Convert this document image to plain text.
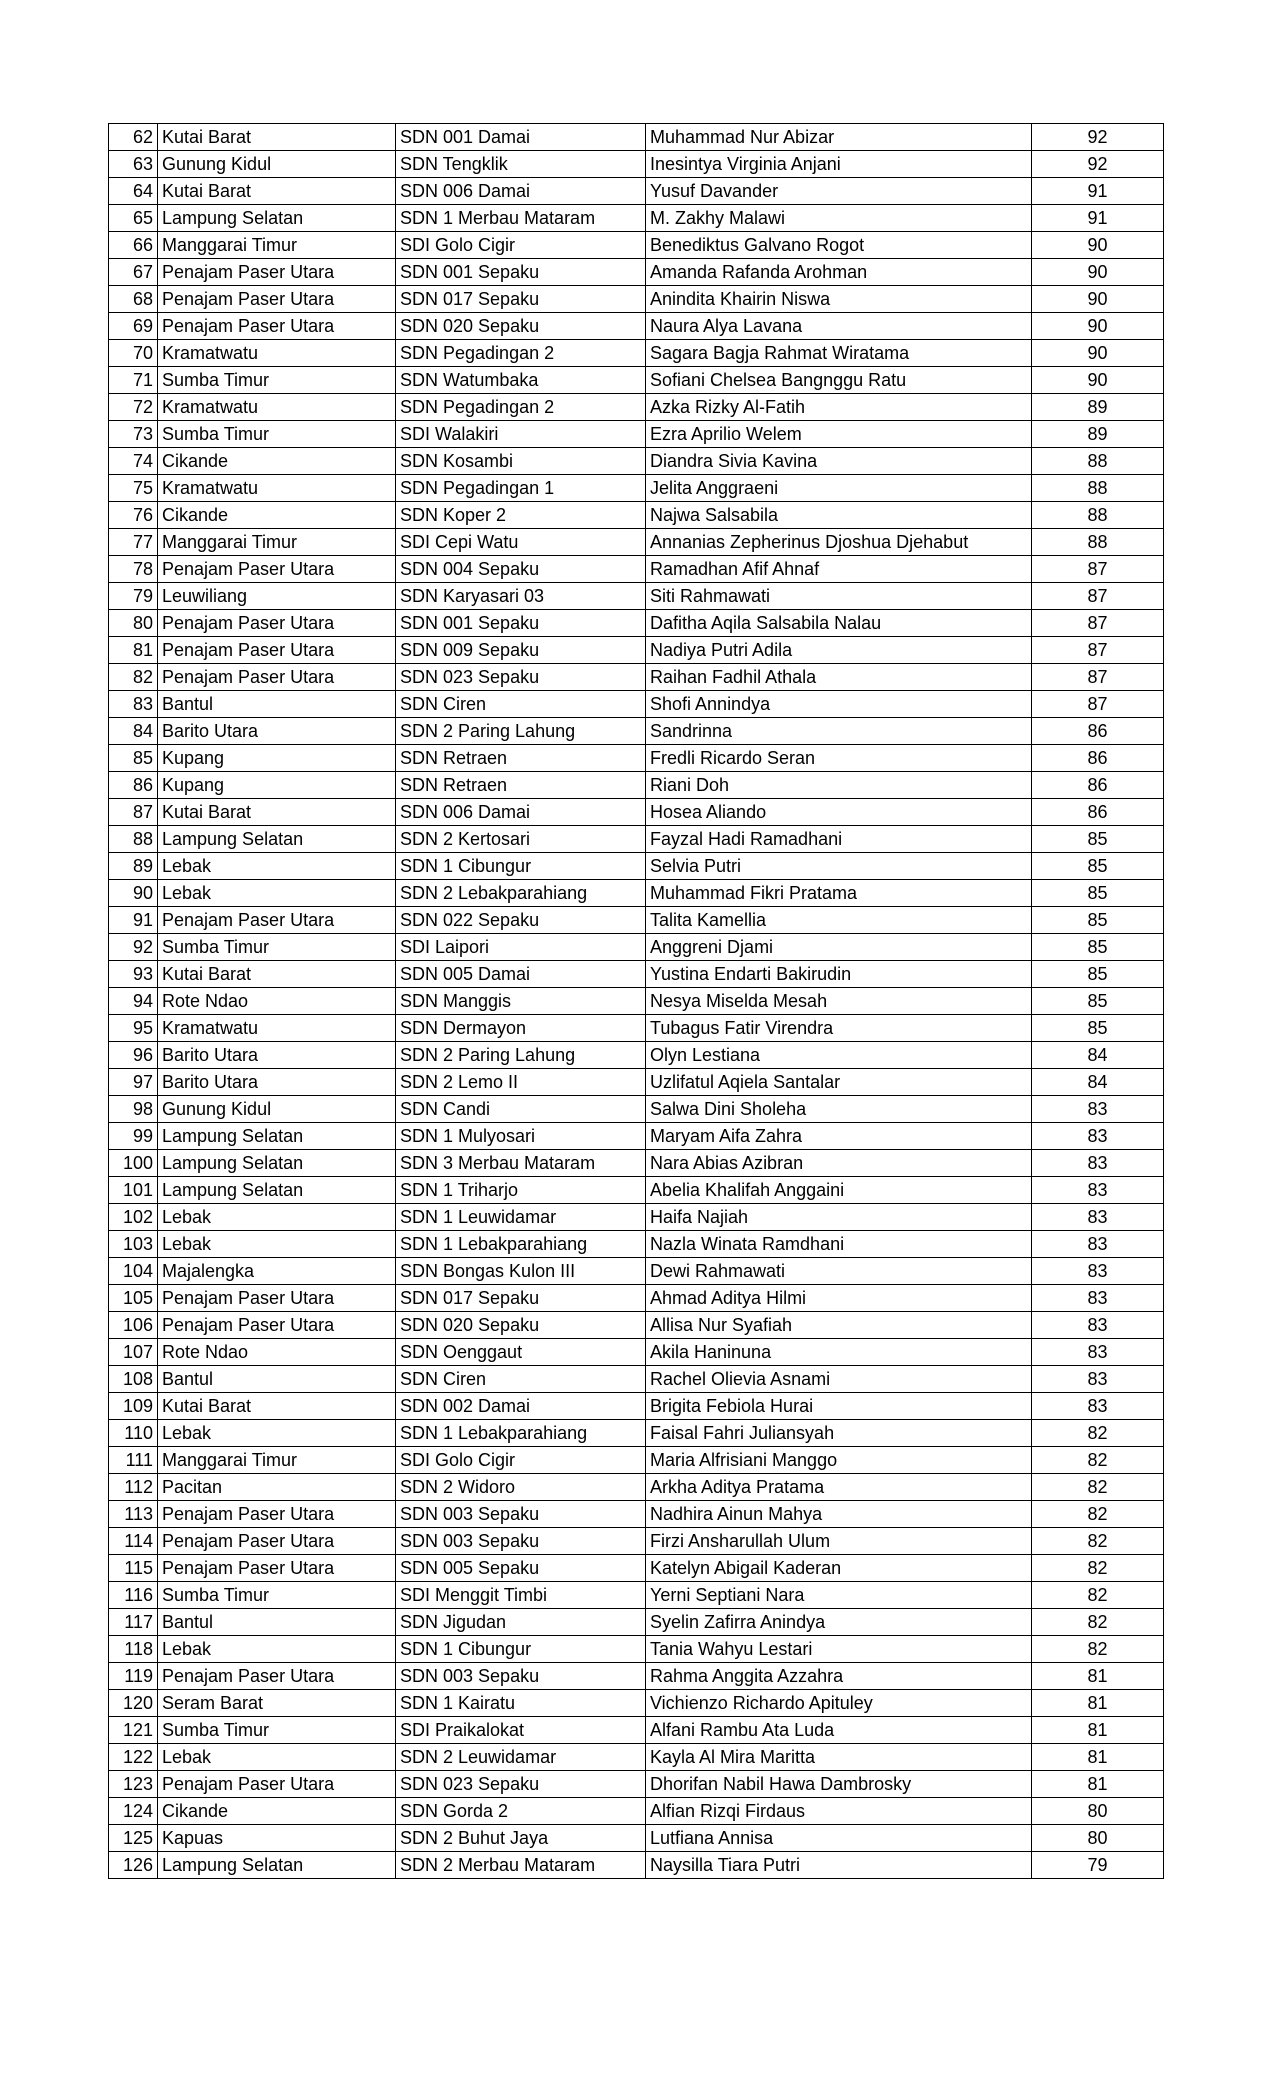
62	Kutai Barat	SDN 001 Damai	Muhammad Nur Abizar	92
63	Gunung Kidul	SDN Tengklik	Inesintya Virginia Anjani	92
64	Kutai Barat	SDN 006 Damai	Yusuf Davander	91
65	Lampung Selatan	SDN 1 Merbau Mataram	M. Zakhy Malawi	91
66	Manggarai Timur	SDI Golo Cigir	Benediktus Galvano Rogot	90
67	Penajam Paser Utara	SDN 001 Sepaku	Amanda Rafanda Arohman	90
68	Penajam Paser Utara	SDN 017 Sepaku	Anindita Khairin Niswa	90
69	Penajam Paser Utara	SDN 020 Sepaku	Naura Alya Lavana	90
70	Kramatwatu	SDN Pegadingan 2	Sagara Bagja Rahmat Wiratama	90
71	Sumba Timur	SDN Watumbaka	Sofiani Chelsea Bangnggu Ratu	90
72	Kramatwatu	SDN Pegadingan 2	Azka Rizky Al-Fatih	89
73	Sumba Timur	SDI Walakiri	Ezra Aprilio Welem	89
74	Cikande	SDN Kosambi	Diandra Sivia Kavina	88
75	Kramatwatu	SDN Pegadingan 1	Jelita Anggraeni	88
76	Cikande	SDN Koper 2	Najwa Salsabila	88
77	Manggarai Timur	SDI Cepi Watu	Annanias Zepherinus Djoshua Djehabut	88
78	Penajam Paser Utara	SDN 004 Sepaku	Ramadhan Afif Ahnaf	87
79	Leuwiliang	SDN Karyasari 03	Siti Rahmawati	87
80	Penajam Paser Utara	SDN 001 Sepaku	Dafitha Aqila Salsabila Nalau	87
81	Penajam Paser Utara	SDN 009 Sepaku	Nadiya Putri Adila	87
82	Penajam Paser Utara	SDN 023 Sepaku	Raihan Fadhil Athala	87
83	Bantul	SDN Ciren	Shofi Annindya	87
84	Barito Utara	SDN 2 Paring Lahung	Sandrinna	86
85	Kupang	SDN Retraen	Fredli Ricardo Seran	86
86	Kupang	SDN Retraen	Riani Doh	86
87	Kutai Barat	SDN 006 Damai	Hosea Aliando	86
88	Lampung Selatan	SDN 2 Kertosari	Fayzal Hadi Ramadhani	85
89	Lebak	SDN 1 Cibungur	Selvia Putri	85
90	Lebak	SDN 2 Lebakparahiang	Muhammad Fikri Pratama	85
91	Penajam Paser Utara	SDN 022 Sepaku	Talita Kamellia	85
92	Sumba Timur	SDI Laipori	Anggreni Djami	85
93	Kutai Barat	SDN 005 Damai	Yustina Endarti Bakirudin	85
94	Rote Ndao	SDN Manggis	Nesya Miselda Mesah	85
95	Kramatwatu	SDN Dermayon	Tubagus Fatir Virendra	85
96	Barito Utara	SDN 2 Paring Lahung	Olyn Lestiana	84
97	Barito Utara	SDN 2 Lemo II	Uzlifatul Aqiela Santalar	84
98	Gunung Kidul	SDN Candi	Salwa Dini Sholeha	83
99	Lampung Selatan	SDN 1 Mulyosari	Maryam Aifa Zahra	83
100	Lampung Selatan	SDN 3 Merbau Mataram	Nara Abias Azibran	83
101	Lampung Selatan	SDN 1 Triharjo	Abelia Khalifah Anggaini	83
102	Lebak	SDN 1 Leuwidamar	Haifa Najiah	83
103	Lebak	SDN 1 Lebakparahiang	Nazla Winata Ramdhani	83
104	Majalengka	SDN Bongas Kulon III	Dewi Rahmawati	83
105	Penajam Paser Utara	SDN 017 Sepaku	Ahmad Aditya Hilmi	83
106	Penajam Paser Utara	SDN 020 Sepaku	Allisa Nur Syafiah	83
107	Rote Ndao	SDN Oenggaut	Akila Haninuna	83
108	Bantul	SDN Ciren	Rachel Olievia Asnami	83
109	Kutai Barat	SDN 002 Damai	Brigita Febiola Hurai	83
110	Lebak	SDN 1 Lebakparahiang	Faisal Fahri Juliansyah	82
111	Manggarai Timur	SDI Golo Cigir	Maria Alfrisiani Manggo	82
112	Pacitan	SDN 2 Widoro	Arkha Aditya Pratama	82
113	Penajam Paser Utara	SDN 003 Sepaku	Nadhira Ainun Mahya	82
114	Penajam Paser Utara	SDN 003 Sepaku	Firzi Ansharullah Ulum	82
115	Penajam Paser Utara	SDN 005 Sepaku	Katelyn Abigail Kaderan	82
116	Sumba Timur	SDI Menggit Timbi	Yerni Septiani Nara	82
117	Bantul	SDN Jigudan	Syelin Zafirra Anindya	82
118	Lebak	SDN 1 Cibungur	Tania Wahyu Lestari	82
119	Penajam Paser Utara	SDN 003 Sepaku	Rahma Anggita Azzahra	81
120	Seram Barat	SDN 1 Kairatu	Vichienzo Richardo Apituley	81
121	Sumba Timur	SDI Praikalokat	Alfani Rambu Ata Luda	81
122	Lebak	SDN 2 Leuwidamar	Kayla Al Mira Maritta	81
123	Penajam Paser Utara	SDN 023 Sepaku	Dhorifan Nabil Hawa Dambrosky	81
124	Cikande	SDN Gorda 2	Alfian Rizqi Firdaus	80
125	Kapuas	SDN 2 Buhut Jaya	Lutfiana Annisa	80
126	Lampung Selatan	SDN 2 Merbau Mataram	Naysilla Tiara Putri	79
